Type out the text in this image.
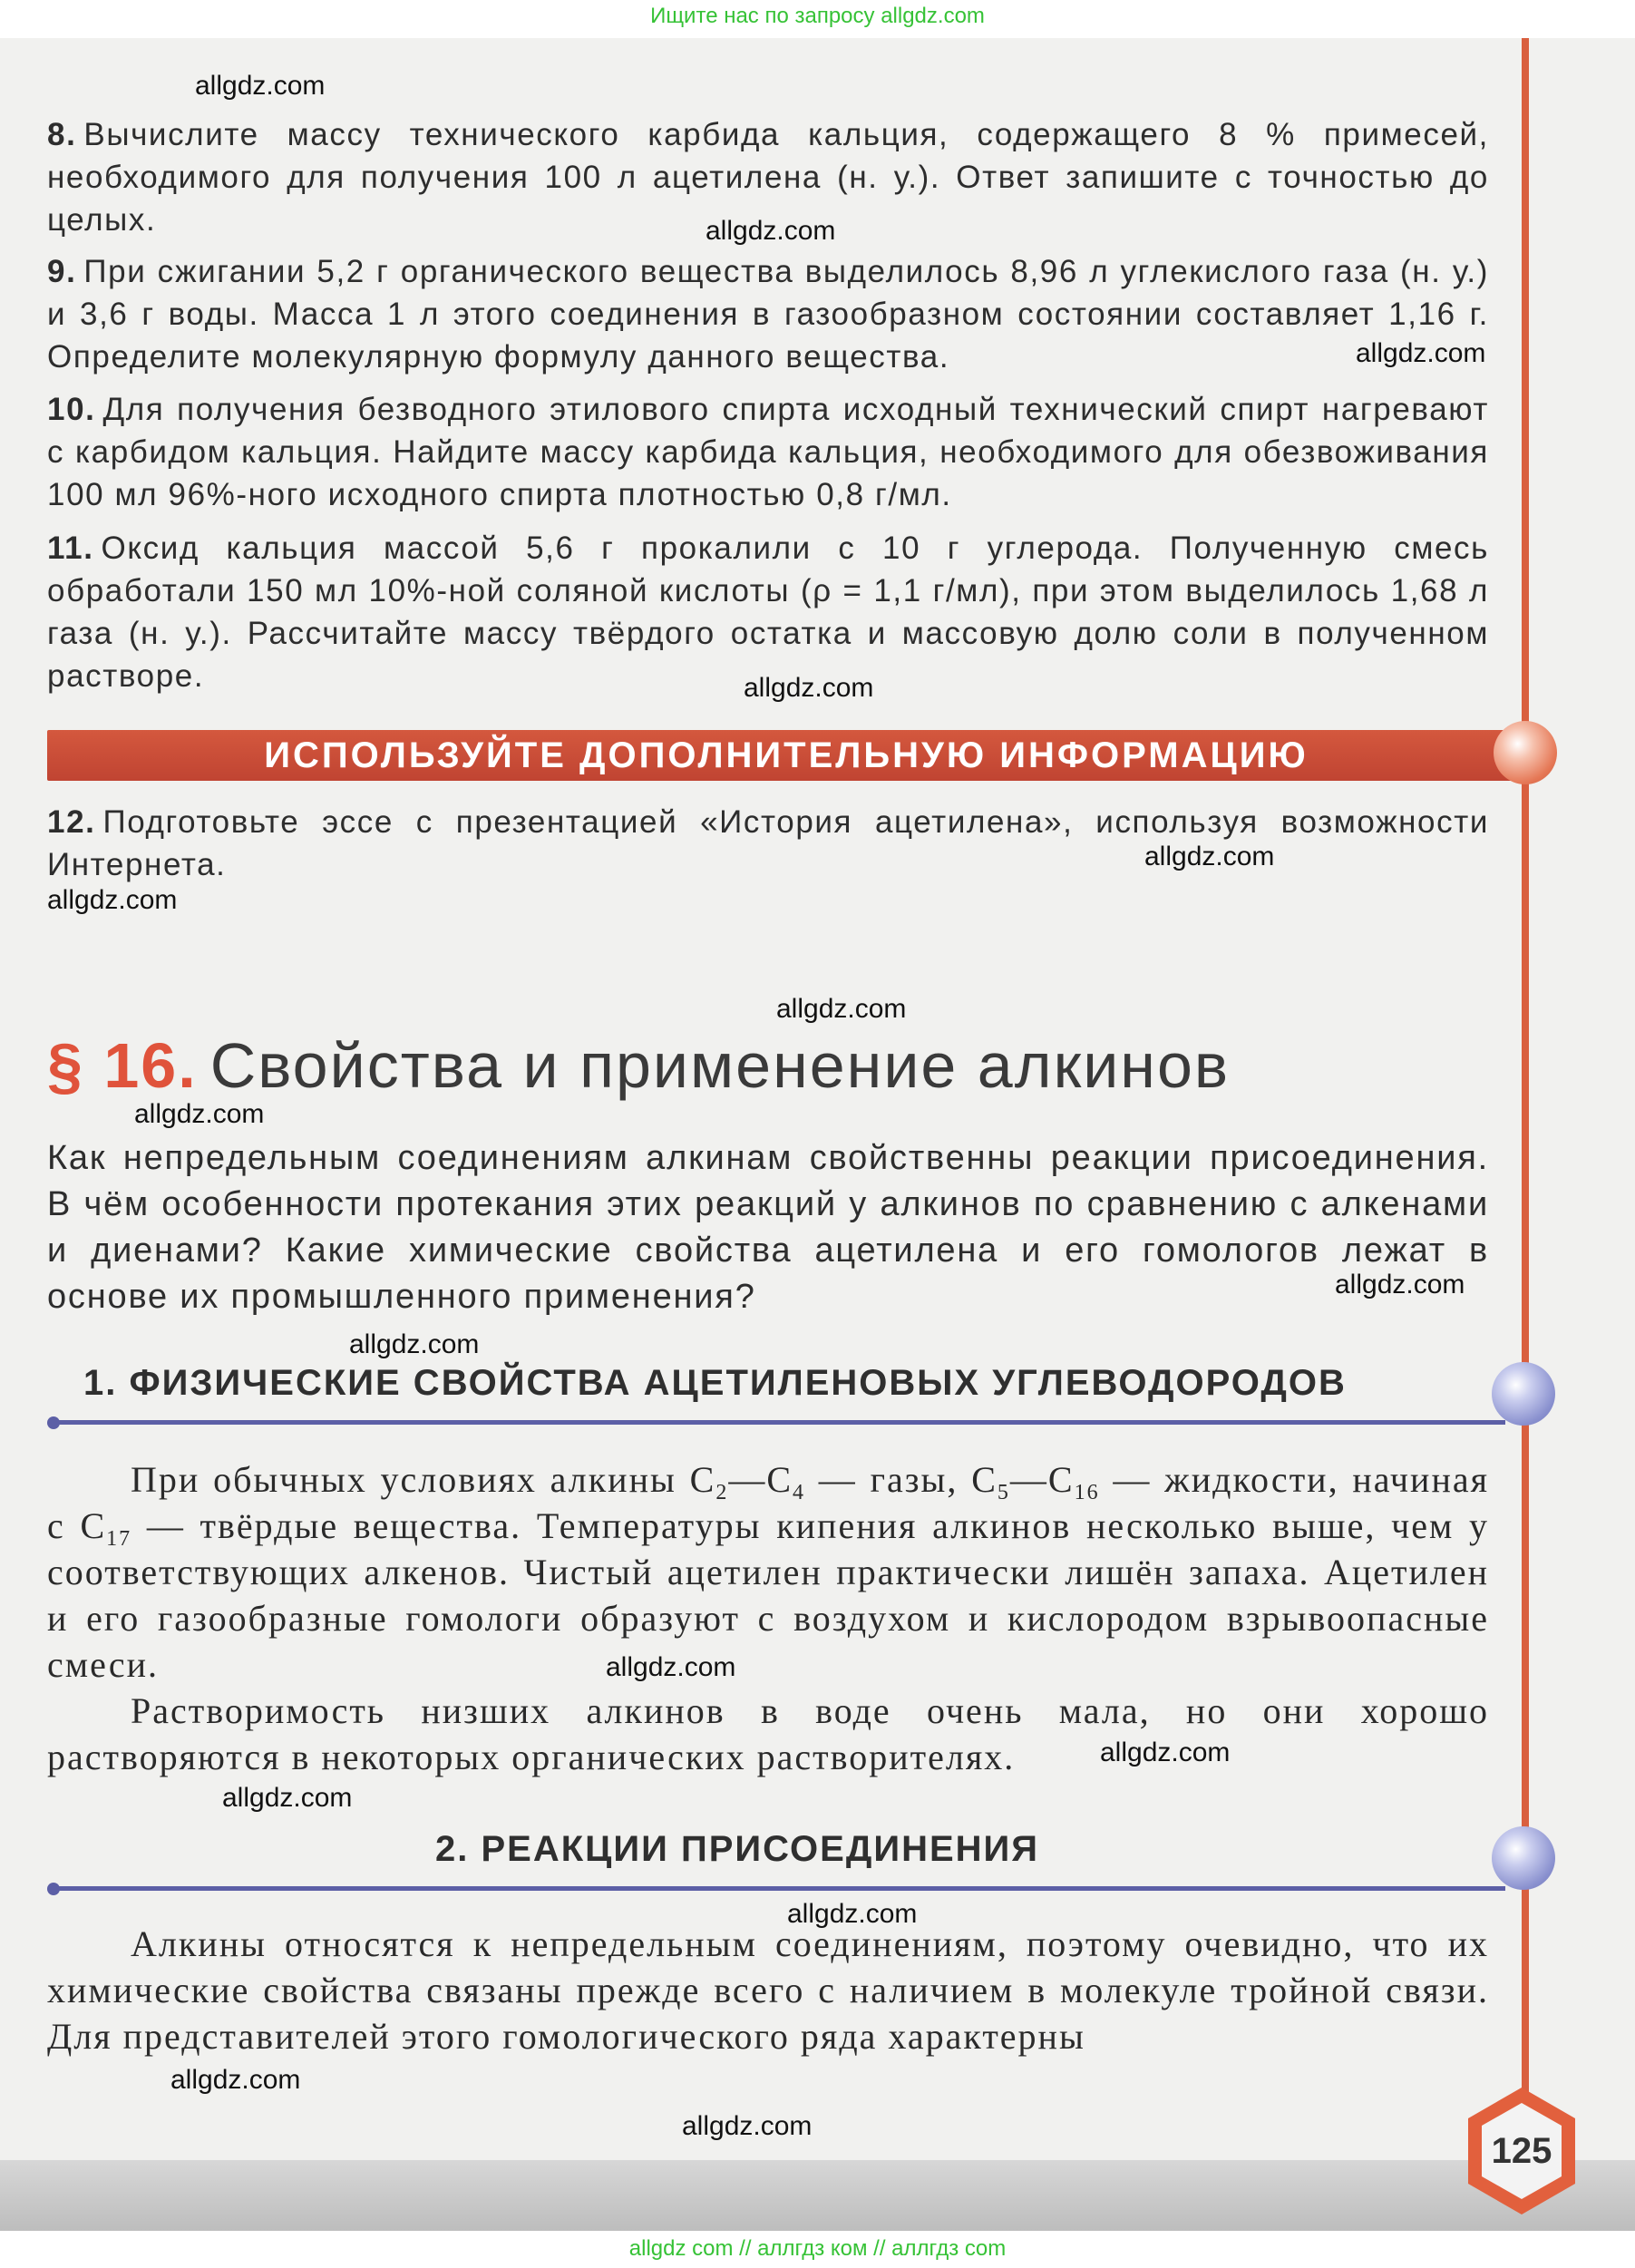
Ищите нас по запросу allgdz.com
8. Вычислите массу технического карбида кальция, содержащего 8 % примесей, необходимого для получения 100 л ацетилена (н. у.). Ответ запишите с точностью до целых.
9. При сжигании 5,2 г органического вещества выделилось 8,96 л углекислого газа (н. у.) и 3,6 г воды. Масса 1 л этого соединения в газообразном состоянии составляет 1,16 г. Определите молекулярную формулу данного вещества.
10. Для получения безводного этилового спирта исходный технический спирт нагревают с карбидом кальция. Найдите массу карбида кальция, необходимого для обезвоживания 100 мл 96%-ного исходного спирта плотностью 0,8 г/мл.
11. Оксид кальция массой 5,6 г прокалили с 10 г углерода. Полученную смесь обработали 150 мл 10%-ной соляной кислоты (ρ = 1,1 г/мл), при этом выделилось 1,68 л газа (н. у.). Рассчитайте массу твёрдого остатка и массовую долю соли в полученном растворе.
ИСПОЛЬЗУЙТЕ ДОПОЛНИТЕЛЬНУЮ ИНФОРМАЦИЮ
12. Подготовьте эссе с презентацией «История ацетилена», используя возможности Интернета.
§ 16. Свойства и применение алкинов
Как непредельным соединениям алкинам свойственны реакции присоединения. В чём особенности протекания этих реакций у алкинов по сравнению с алкенами и диенами? Какие химические свойства ацетилена и его гомологов лежат в основе их промышленного применения?
1. ФИЗИЧЕСКИЕ СВОЙСТВА АЦЕТИЛЕНОВЫХ УГЛЕВОДОРОДОВ

При обычных условиях алкины $C_2—C_4$ — газы, $C_5—C_{16}$ — жидкости, начиная с $C_{17}$ — твёрдые вещества. Температуры кипения алкинов несколько выше, чем у соответствующих алкенов. Чистый ацетилен практически лишён запаха. Ацетилен и его газообразные гомологи образуют с воздухом и кислородом взрывоопасные смеси.

Растворимость низших алкинов в воде очень мала, но они хорошо растворяются в некоторых органических растворителях.

2. РЕАКЦИИ ПРИСОЕДИНЕНИЯ

Алкины относятся к непредельным соединениям, поэтому очевидно, что их химические свойства связаны прежде всего с наличием в молекуле тройной связи. Для представителей этого гомологического ряда характерны

125
allgdz.com
allgdz.com
allgdz.com
allgdz.com
allgdz.com
allgdz.com
allgdz.com
allgdz.com
allgdz.com
allgdz.com
allgdz.com
allgdz.com
allgdz.com
allgdz.com
allgdz.com
allgdz.com
allgdz com // аллгдз ком // аллгдз com
